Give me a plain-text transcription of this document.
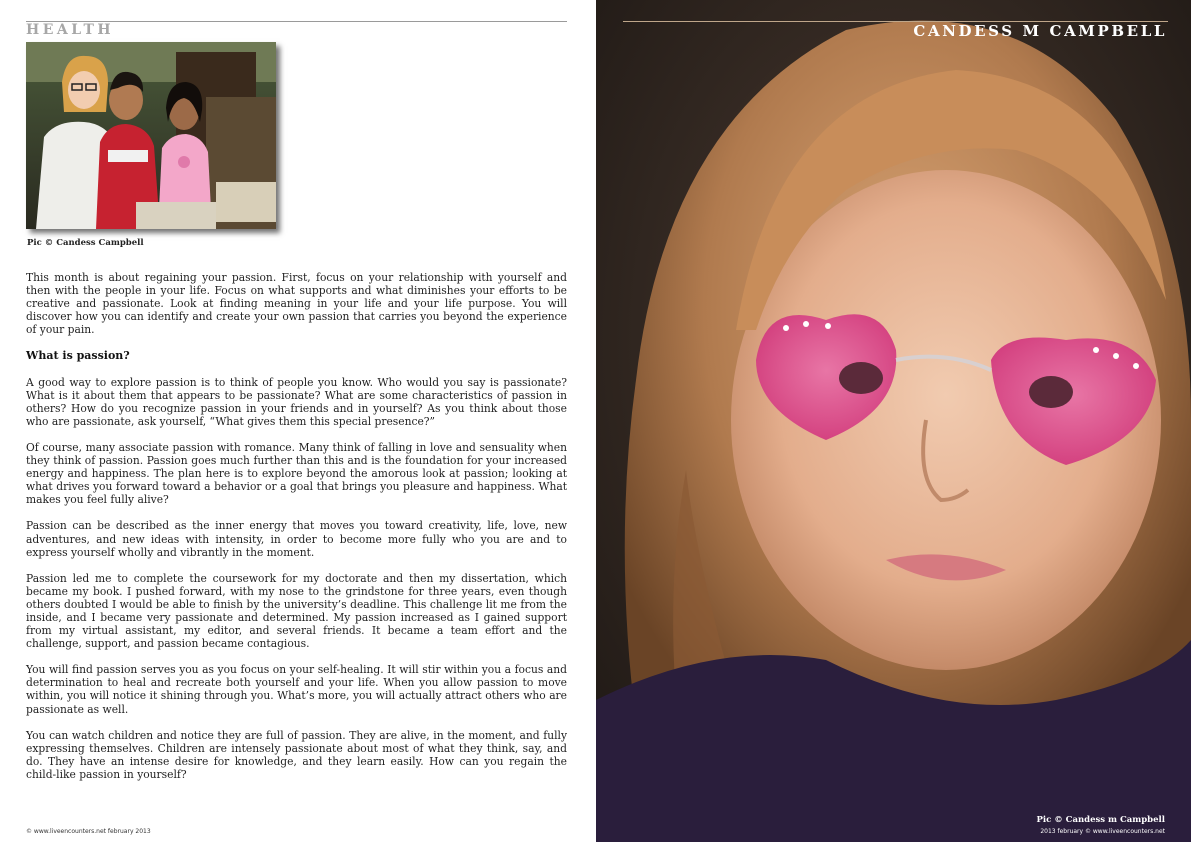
HEALTH
Pic © Candess Campbell

This month is about regaining your passion. First, focus on your relationship with yourself and then with the people in your life. Focus on what supports and what diminishes your efforts to be creative and passionate. Look at finding meaning in your life and your life purpose. You will discover how you can identify and create your own passion that carries you beyond the experience of your pain.

What is passion?

A good way to explore passion is to think of people you know. Who would you say is passionate? What is it about them that appears to be passionate? What are some characteristics of passion in others? How do you recognize passion in your friends and in yourself? As you think about those who are passionate, ask yourself, “What gives them this special presence?”

Of course, many associate passion with romance. Many think of falling in love and sensuality when they think of passion. Passion goes much further than this and is the foundation for your increased energy and happiness. The plan here is to explore beyond the amorous look at passion; looking at what drives you forward toward a behavior or a goal that brings you pleasure and happiness. What makes you feel fully alive?

Passion can be described as the inner energy that moves you toward creativity, life, love, new adventures, and new ideas with intensity, in order to become more fully who you are and to express yourself wholly and vibrantly in the moment.

Passion led me to complete the coursework for my doctorate and then my dissertation, which became my book. I pushed forward, with my nose to the grindstone for three years, even though others doubted I would be able to finish by the university’s deadline. This challenge lit me from the inside, and I became very passionate and determined. My passion increased as I gained support from my virtual assistant, my editor, and several friends. It became a team effort and the challenge, support, and passion became contagious.

You will find passion serves you as you focus on your self-healing. It will stir within you a focus and determination to heal and recreate both yourself and your life. When you allow passion to move within, you will notice it shining through you. What’s more, you will actually attract others who are passionate as well.

You can watch children and notice they are full of passion. They are alive, in the moment, and fully expressing themselves. Children are intensely passionate about most of what they think, say, and do. They have an intense desire for knowledge, and they learn easily. How can you regain the child-like passion in yourself?

© www.liveencounters.net february 2013
CANDESS M CAMPBELL
Pic © Candess m Campbell
2013 february © www.liveencounters.net
